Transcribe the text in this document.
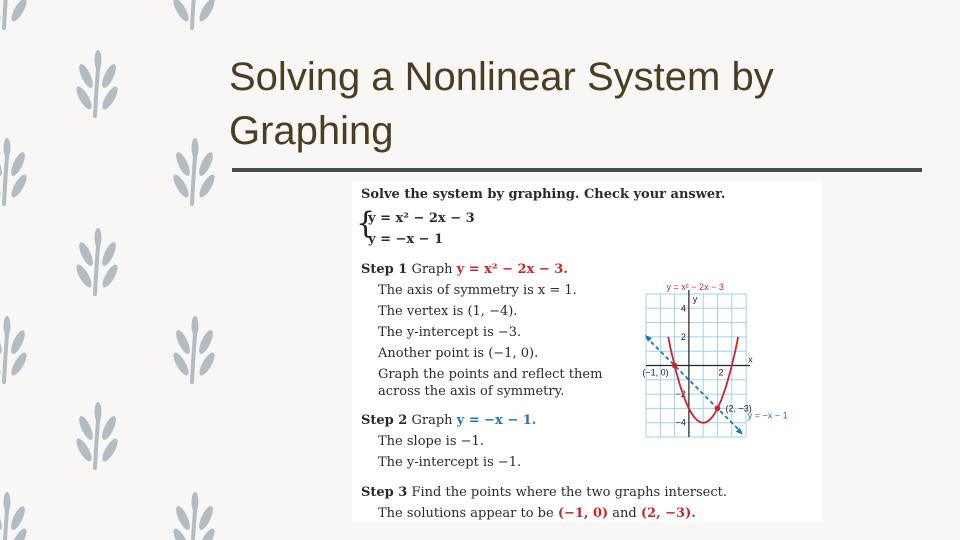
Solving a Nonlinear System by
Graphing
Solve the system by graphing. Check your answer.
{
y = x² − 2x − 3
y = −x − 1
Step 1 Graph y = x² − 2x − 3.
The axis of symmetry is x = 1.
The vertex is (1, −4).
The y-intercept is −3.
Another point is (−1, 0).
Graph the points and reflect them
across the axis of symmetry.
Step 2 Graph y = −x − 1.
The slope is −1.
The y-intercept is −1.
Step 3 Find the points where the two graphs intersect.
The solutions appear to be (−1, 0) and (2, −3).
y = x² − 2x − 3
x
y
2
4
2
−2
−4
y = −x − 1
(−1, 0)
(2, −3)
